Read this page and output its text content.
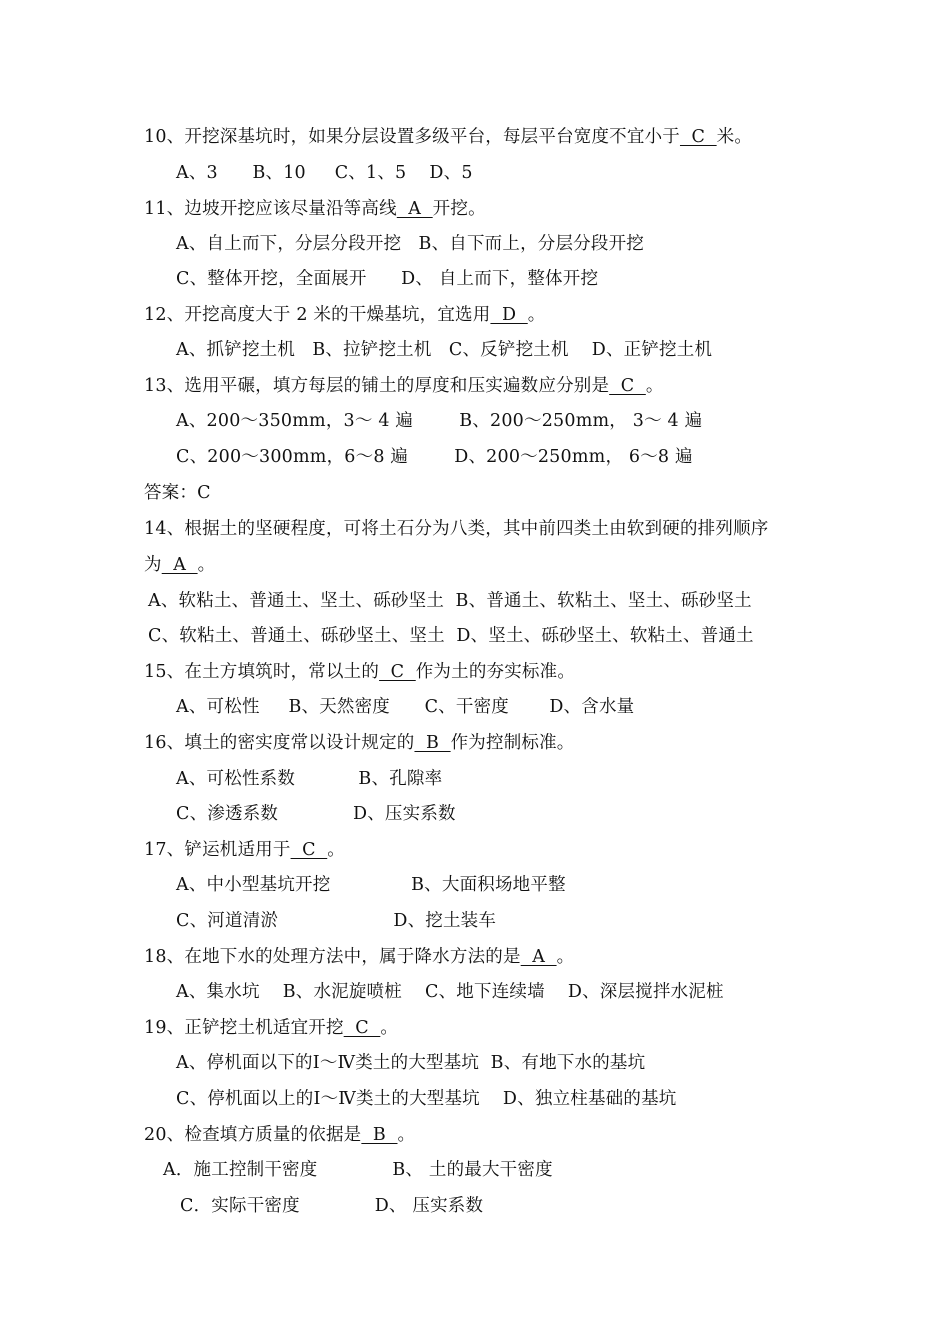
10、开挖深基坑时，如果分层设置多级平台，每层平台宽度不宜小于  C  米。
A、3      B、10     C、1、5    D、5
11、边坡开挖应该尽量沿等高线  A  开挖。
A、自上而下，分层分段开挖   B、自下而上，分层分段开挖
C、整体开挖，全面展开      D、 自上而下，整体开挖
12、开挖高度大于 2 米的干燥基坑，宜选用  D  。
A、抓铲挖土机   B、拉铲挖土机   C、反铲挖土机    D、正铲挖土机
13、选用平碾，填方每层的铺土的厚度和压实遍数应分别是  C  。
A、200～350mm，3～ 4 遍        B、200～250mm， 3～ 4 遍
C、200～300mm，6～8 遍        D、200～250mm， 6～8 遍
答案：C
14、根据土的坚硬程度，可将土石分为八类，其中前四类土由软到硬的排列顺序
为  A  。
A、软粘土、普通土、坚土、砾砂坚土  B、普通土、软粘土、坚土、砾砂坚土
C、软粘土、普通土、砾砂坚土、坚土  D、坚土、砾砂坚土、软粘土、普通土
15、在土方填筑时，常以土的  C  作为土的夯实标准。
A、可松性     B、天然密度      C、干密度       D、含水量
16、填土的密实度常以设计规定的  B  作为控制标准。
A、可松性系数           B、孔隙率
C、渗透系数             D、压实系数
17、铲运机适用于  C  。
A、中小型基坑开挖              B、大面积场地平整
C、河道清淤                    D、挖土装车
18、在地下水的处理方法中，属于降水方法的是  A  。
A、集水坑    B、水泥旋喷桩    C、地下连续墙    D、深层搅拌水泥桩
19、正铲挖土机适宜开挖  C  。
A、停机面以下的Ⅰ～Ⅳ类土的大型基坑  B、有地下水的基坑
C、停机面以上的Ⅰ～Ⅳ类土的大型基坑    D、独立柱基础的基坑
20、检查填方质量的依据是  B  。
A．施工控制干密度             B、 土的最大干密度
C．实际干密度             D、 压实系数
